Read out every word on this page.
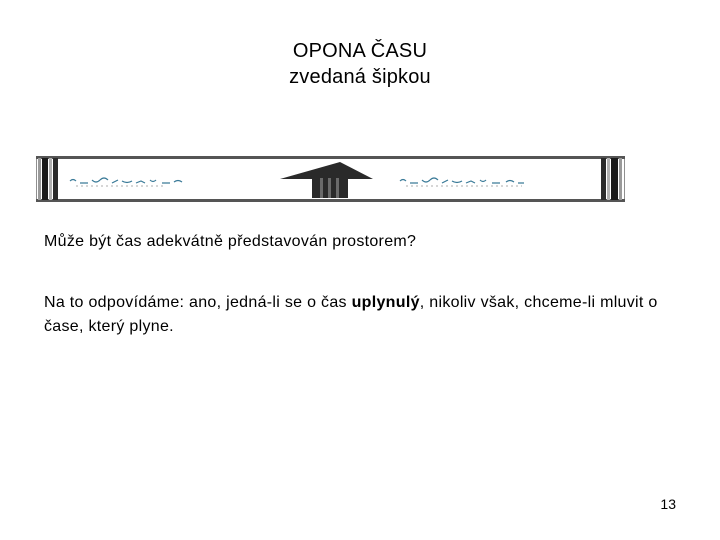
OPONA ČASU
zvedaná šipkou
Může být čas adekvátně představován prostorem?
Na to odpovídáme: ano, jedná-li se o čas uplynulý, nikoliv však, chceme-li mluvit o čase, který plyne.
13
